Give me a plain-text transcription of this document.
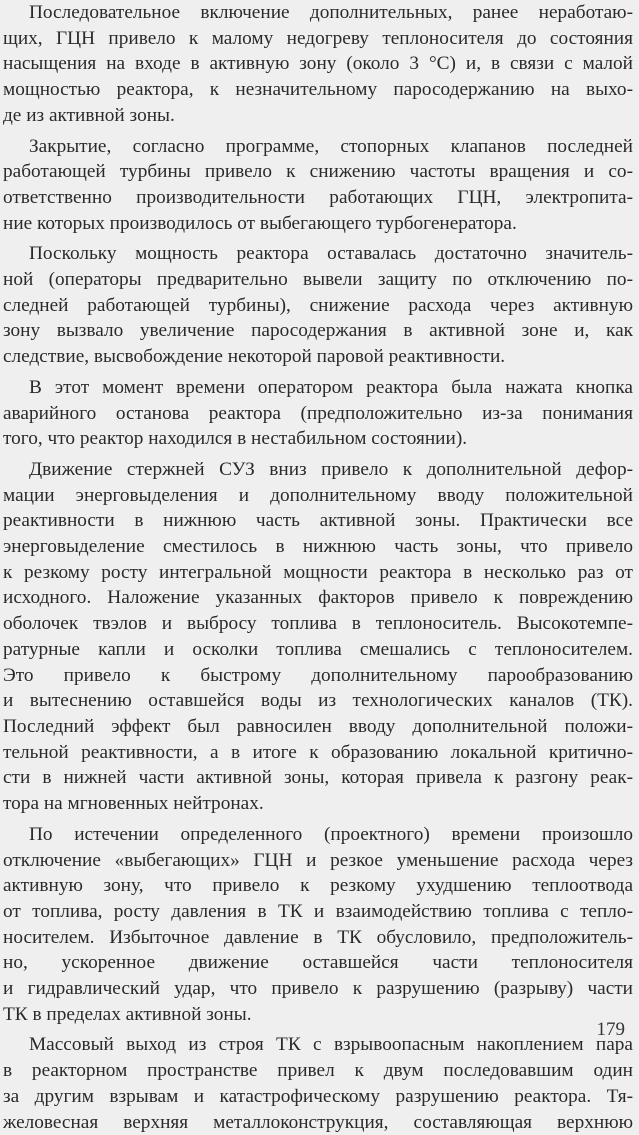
Последовательное включение дополнительных, ранее неработаю-
щих, ГЦН привело к малому недогреву теплоносителя до состояния
насыщения на входе в активную зону (около 3 °С) и, в связи с малой
мощностью реактора, к незначительному паросодержанию на выхо-
де из активной зоны.
Закрытие, согласно программе, стопорных клапанов последней
работающей турбины привело к снижению частоты вращения и со-
ответственно производительности работающих ГЦН, электропита-
ние которых производилось от выбегающего турбогенератора.
Поскольку мощность реактора оставалась достаточно значитель-
ной (операторы предварительно вывели защиту по отключению по-
следней работающей турбины), снижение расхода через активную
зону вызвало увеличение паросодержания в активной зоне и, как
следствие, высвобождение некоторой паровой реактивности.
В этот момент времени оператором реактора была нажата кнопка
аварийного останова реактора (предположительно из-за понимания
того, что реактор находился в нестабильном состоянии).
Движение стержней СУЗ вниз привело к дополнительной дефор-
мации энерговыделения и дополнительному вводу положительной
реактивности в нижнюю часть активной зоны. Практически все
энерговыделение сместилось в нижнюю часть зоны, что привело
к резкому росту интегральной мощности реактора в несколько раз от
исходного. Наложение указанных факторов привело к повреждению
оболочек твэлов и выбросу топлива в теплоноситель. Высокотемпе-
ратурные капли и осколки топлива смешались с теплоносителем.
Это привело к быстрому дополнительному парообразованию
и вытеснению оставшейся воды из технологических каналов (ТК).
Последний эффект был равносилен вводу дополнительной положи-
тельной реактивности, а в итоге к образованию локальной критично-
сти в нижней части активной зоны, которая привела к разгону реак-
тора на мгновенных нейтронах.
По истечении определенного (проектного) времени произошло
отключение «выбегающих» ГЦН и резкое уменьшение расхода через
активную зону, что привело к резкому ухудшению теплоотвода
от топлива, росту давления в ТК и взаимодействию топлива с тепло-
носителем. Избыточное давление в ТК обусловило, предположитель-
но, ускоренное движение оставшейся части теплоносителя
и гидравлический удар, что привело к разрушению (разрыву) части
ТК в пределах активной зоны.
Массовый выход из строя ТК с взрывоопасным накоплением пара
в реакторном пространстве привел к двум последовавшим один
за другим взрывам и катастрофическому разрушению реактора. Тя-
желовесная верхняя металлоконструкция, составляющая верхнюю
179
